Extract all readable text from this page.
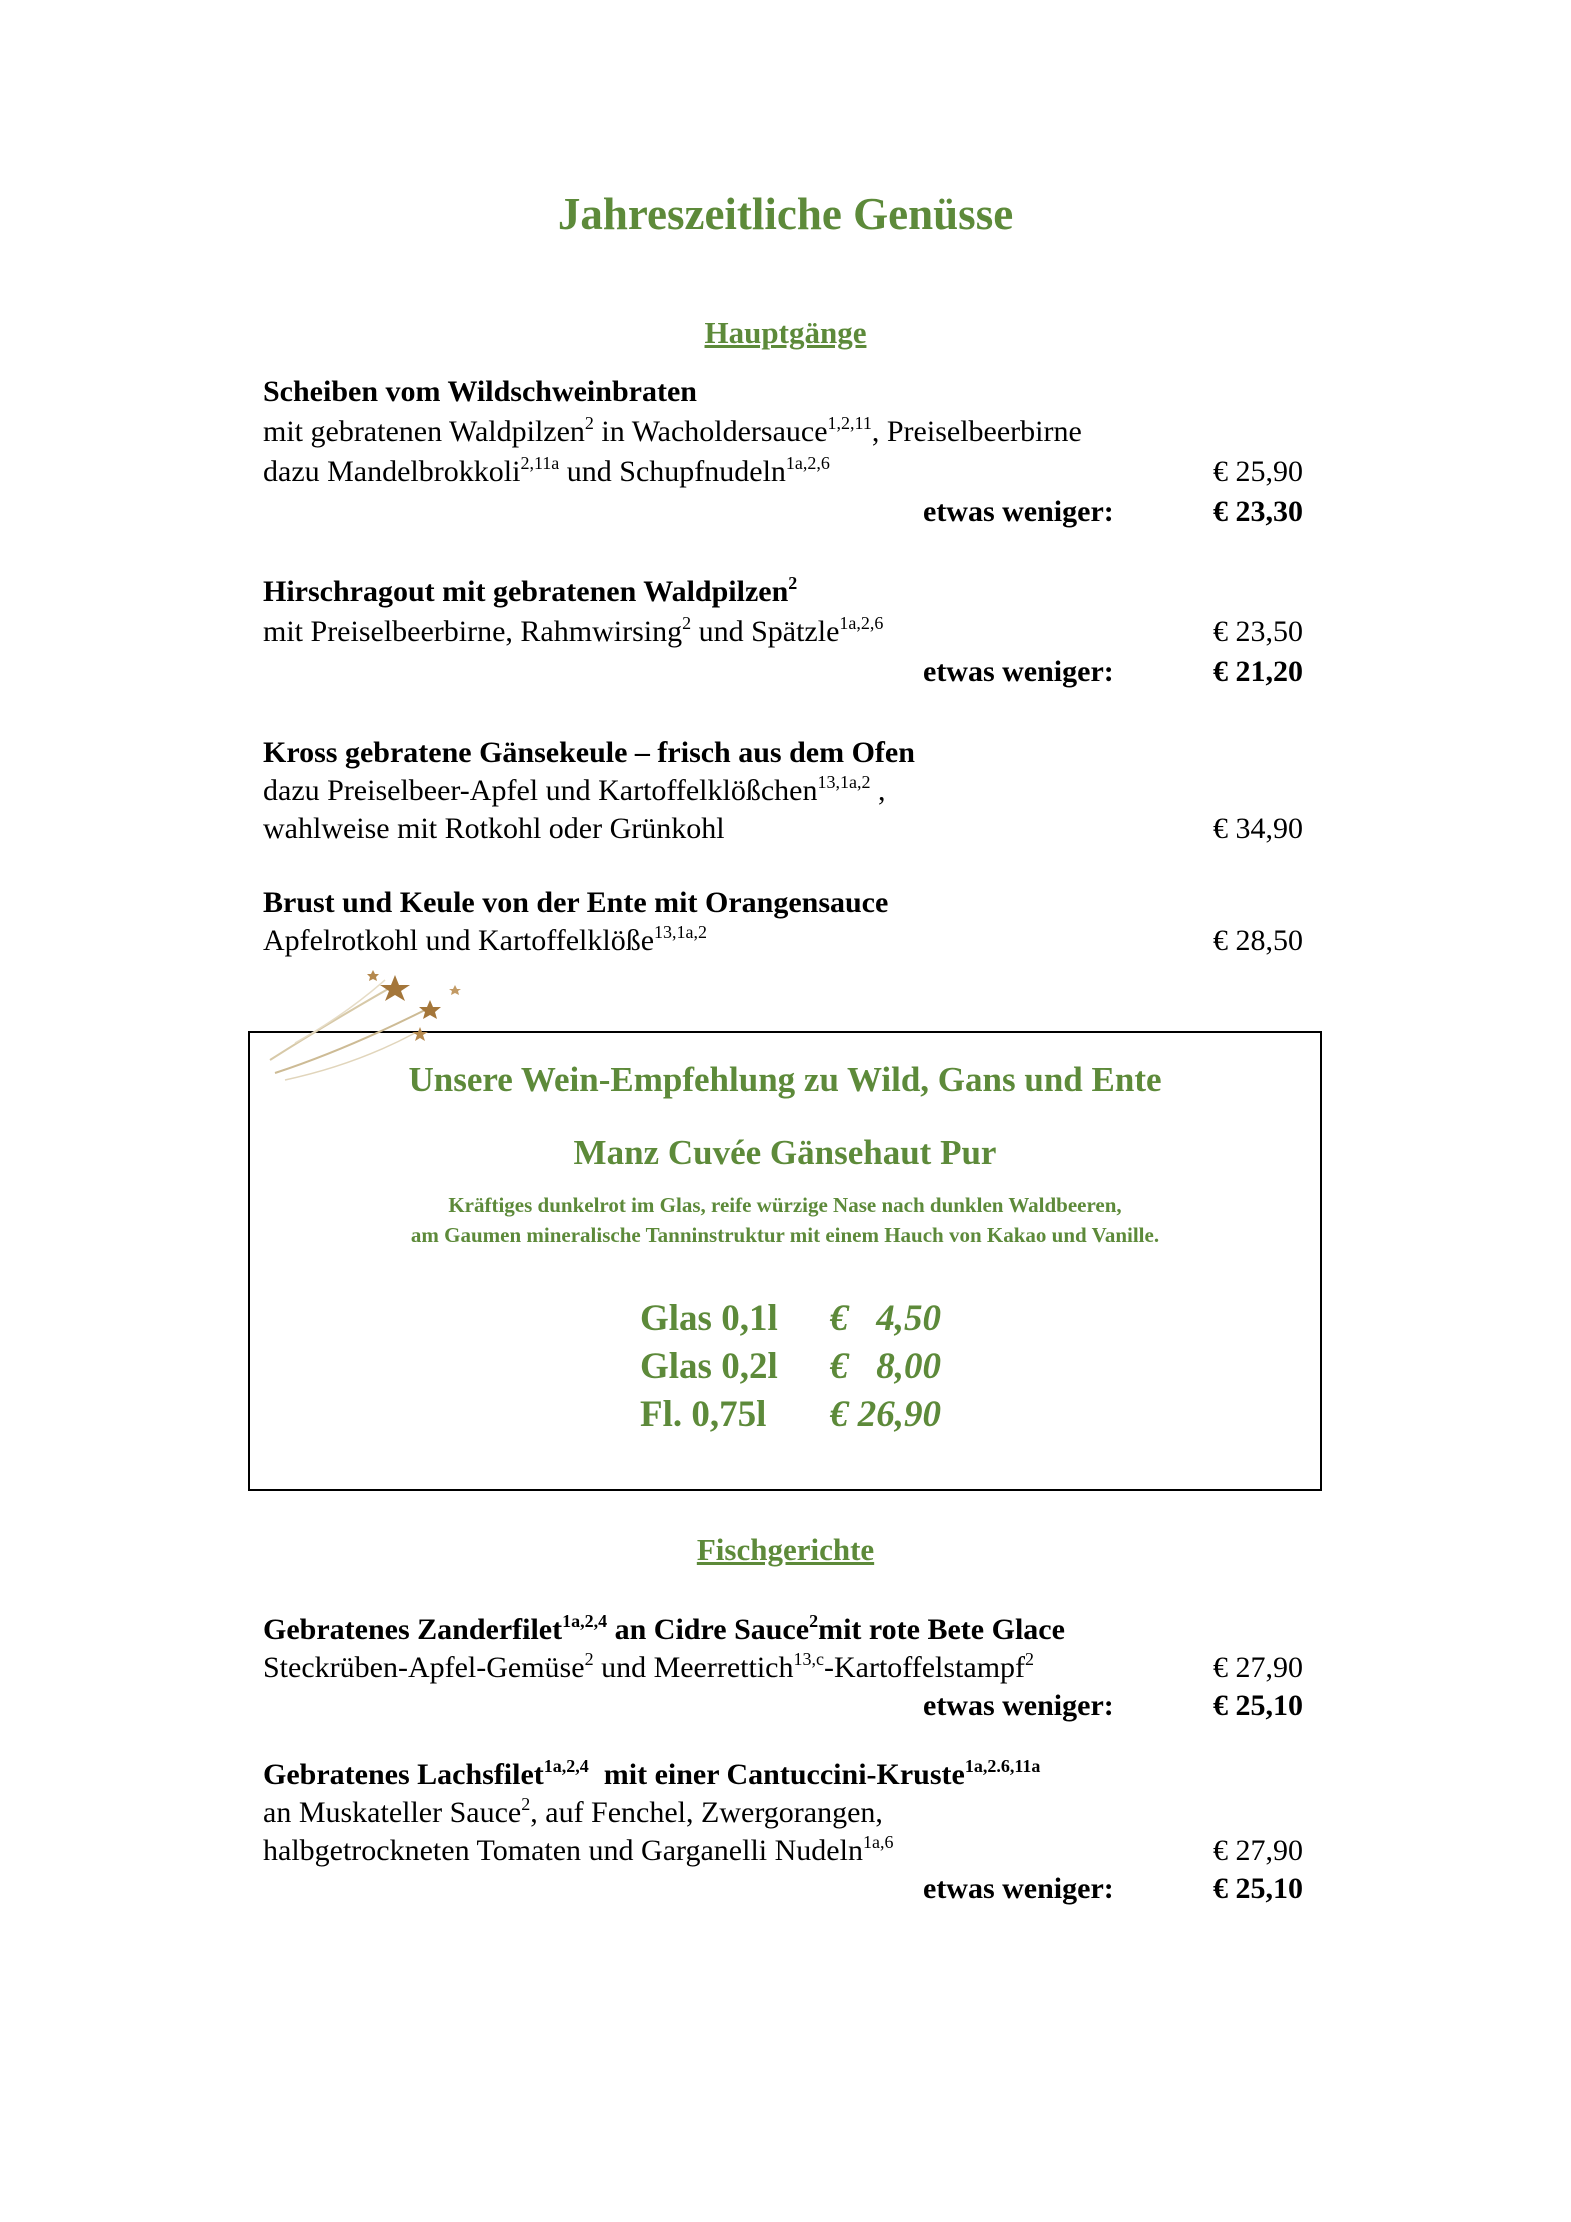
Jahreszeitliche Genüsse
Hauptgänge
Scheiben vom Wildschweinbraten
mit gebratenen Waldpilzen$^2$ in Wacholdersauce$^{1,2,11}$, Preiselbeerbirne
dazu Mandelbrokkoli$^{2,11a}$ und Schupfnudeln$^{1a,2,6}$	€ 25,90
etwas weniger:	€ 23,30
Hirschragout mit gebratenen Waldpilzen$^2$
mit Preiselbeerbirne, Rahmwirsing$^2$ und Spätzle$^{1a,2,6}$	€ 23,50
etwas weniger:	€ 21,20
Kross gebratene Gänsekeule – frisch aus dem Ofen
dazu Preiselbeer-Apfel und Kartoffelklößchen$^{13,1a,2}$ ,
wahlweise mit Rotkohl oder Grünkohl	€ 34,90
Brust und Keule von der Ente mit Orangensauce
Apfelrotkohl und Kartoffelklöße$^{13,1a,2}$	€ 28,50
Unsere Wein-Empfehlung zu Wild, Gans und Ente
Manz Cuvée Gänsehaut Pur
Kräftiges dunkelrot im Glas, reife würzige Nase nach dunklen Waldbeeren,
am Gaumen mineralische Tanninstruktur mit einem Hauch von Kakao und Vanille.
Glas 0,1l €   4,50
Glas 0,2l €   8,00
Fl. 0,75l € 26,90
Fischgerichte
Gebratenes Zanderfilet$^{1a,2,4}$ an Cidre Sauce$^2$mit rote Bete Glace
Steckrüben-Apfel-Gemüse$^2$ und Meerrettich$^{13,c}$-Kartoffelstampf$^2$	€ 27,90
etwas weniger:	€ 25,10
Gebratenes Lachsfilet$^{1a,2,4}$  mit einer Cantuccini-Kruste$^{1a,2.6,11a}$
an Muskateller Sauce$^2$, auf Fenchel, Zwergorangen,
halbgetrockneten Tomaten und Garganelli Nudeln$^{1a,6}$	€ 27,90
etwas weniger:	€ 25,10
